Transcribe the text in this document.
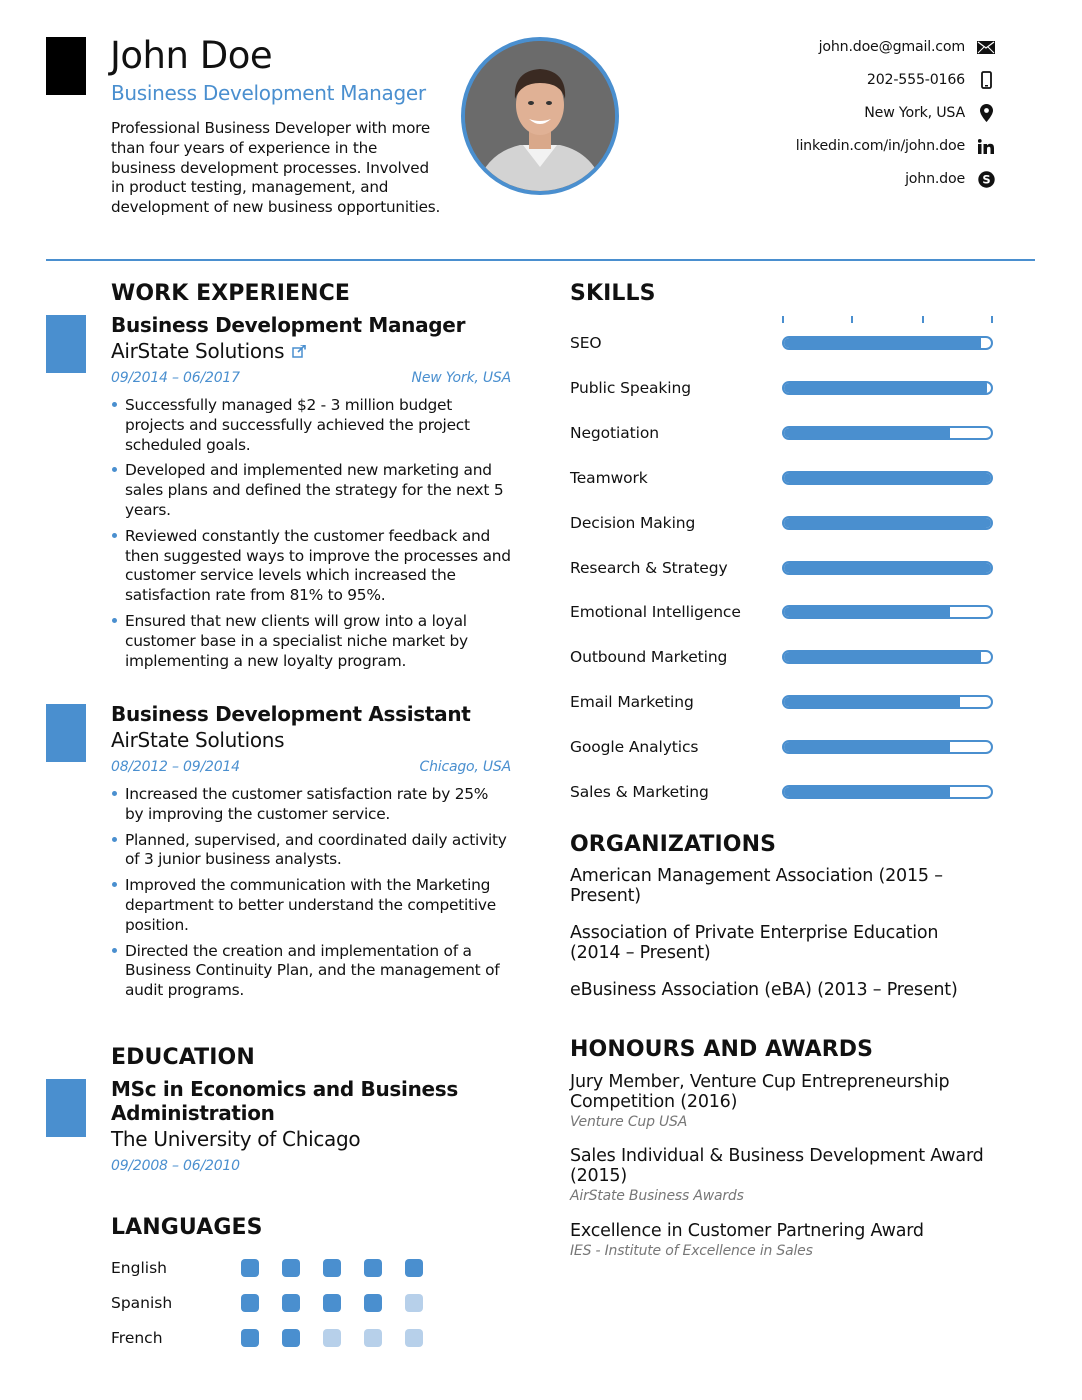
John Doe
Business Development Manager

Professional Business Developer with more than four years of experience in the business development processes. Involved in product testing, management, and development of new business opportunities.

john.doe@gmail.com
202-555-0166
New York, USA
linkedin.com/in/john.doe
john.doe S
WORK EXPERIENCE
Business Development Manager
AirState Solutions
09/2014 – 06/2017	New York, USA
Successfully managed $2 - 3 million budget projects and successfully achieved the project scheduled goals.
Developed and implemented new marketing and sales plans and defined the strategy for the next 5 years.
Reviewed constantly the customer feedback and then suggested ways to improve the processes and customer service levels which increased the satisfaction rate from 81% to 95%.
Ensured that new clients will grow into a loyal customer base in a specialist niche market by implementing a new loyalty program.
Business Development Assistant
AirState Solutions
08/2012 – 09/2014	Chicago, USA
Increased the customer satisfaction rate by 25% by improving the customer service.
Planned, supervised, and coordinated daily activity of 3 junior business analysts.
Improved the communication with the Marketing department to better understand the competitive position.
Directed the creation and implementation of a Business Continuity Plan, and the management of audit programs.
EDUCATION
MSc in Economics and Business Administration
The University of Chicago
09/2008 – 06/2010
LANGUAGES
English
Spanish
French
SKILLS
SEO
Public Speaking
Negotiation
Teamwork
Decision Making
Research & Strategy
Emotional Intelligence
Outbound Marketing
Email Marketing
Google Analytics
Sales & Marketing
ORGANIZATIONS
American Management Association (2015 – Present)
Association of Private Enterprise Education (2014 – Present)
eBusiness Association (eBA) (2013 – Present)
HONOURS AND AWARDS
Jury Member, Venture Cup Entrepreneurship Competition (2016)
Venture Cup USA
Sales Individual & Business Development Award (2015)
AirState Business Awards
Excellence in Customer Partnering Award
IES - Institute of Excellence in Sales
